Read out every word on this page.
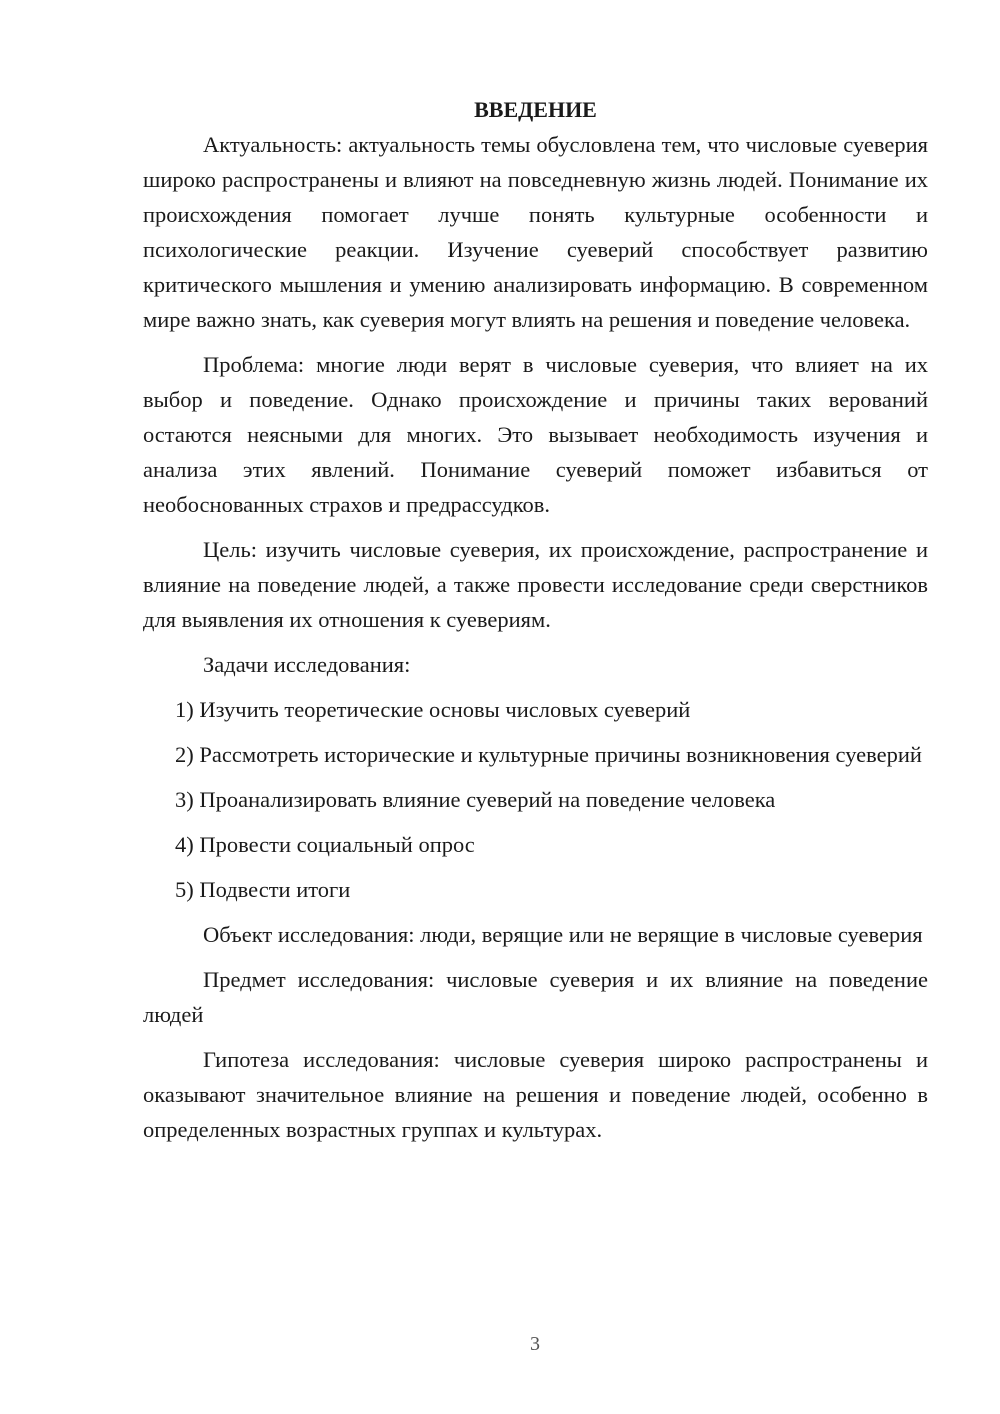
ВВЕДЕНИЕ

Актуальность: актуальность темы обусловлена тем, что числовые суеверия широко распространены и влияют на повседневную жизнь людей. Понимание их происхождения помогает лучше понять культурные особенности и психологические реакции. Изучение суеверий способствует развитию критического мышления и умению анализировать информацию. В современном мире важно знать, как суеверия могут влиять на решения и поведение человека.

Проблема: многие люди верят в числовые суеверия, что влияет на их выбор и поведение. Однако происхождение и причины таких верований остаются неясными для многих. Это вызывает необходимость изучения и анализа этих явлений. Понимание суеверий поможет избавиться от необоснованных страхов и предрассудков.

Цель: изучить числовые суеверия, их происхождение, распространение и влияние на поведение людей, а также провести исследование среди сверстников для выявления их отношения к суевериям.

Задачи исследования:

1) Изучить теоретические основы числовых суеверий

2) Рассмотреть исторические и культурные причины возникновения суеверий

3) Проанализировать влияние суеверий на поведение человека

4) Провести социальный опрос

5) Подвести итоги

Объект исследования: люди, верящие или не верящие в числовые суеверия

Предмет исследования: числовые суеверия и их влияние на поведение людей

Гипотеза исследования: числовые суеверия широко распространены и оказывают значительное влияние на решения и поведение людей, особенно в определенных возрастных группах и культурах.

3
